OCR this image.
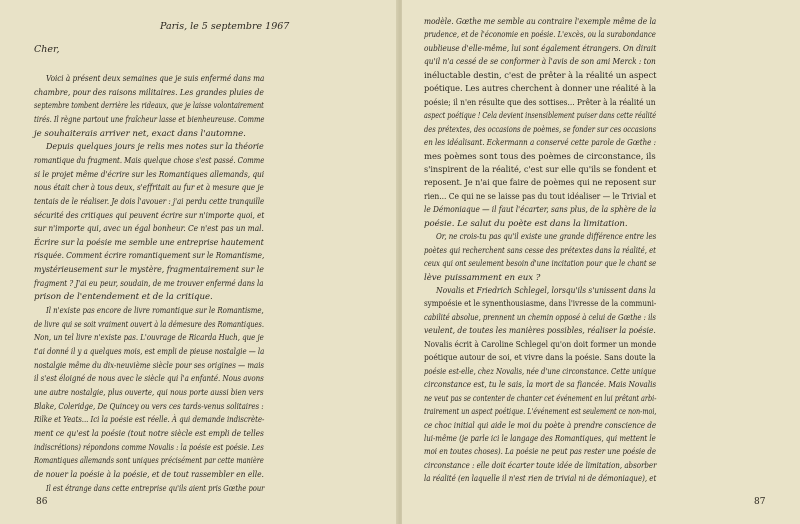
Paris, le 5 septembre 1967
Cher,
Voici à présent deux semaines que je suis enfermé dans ma
chambre, pour des raisons militaires. Les grandes pluies de
septembre tombent derrière les rideaux, que je laisse volontairement
tirés. Il règne partout une fraîcheur lasse et bienheureuse. Comme
je souhaiterais arriver net, exact dans l'automne.
Depuis quelques jours je relis mes notes sur la théorie
romantique du fragment. Mais quelque chose s'est passé. Comme
si le projet même d'écrire sur les Romantiques allemands, qui
nous était cher à tous deux, s'effritait au fur et à mesure que je
tentais de le réaliser. Je dois l'avouer : j'ai perdu cette tranquille
sécurité des critiques qui peuvent écrire sur n'importe quoi, et
sur n'importe qui, avec un égal bonheur. Ce n'est pas un mal.
Écrire sur la poésie me semble une entreprise hautement
risquée. Comment écrire romantiquement sur le Romantisme,
mystérieusement sur le mystère, fragmentairement sur le
fragment ? J'ai eu peur, soudain, de me trouver enfermé dans la
prison de l'entendement et de la critique.
Il n'existe pas encore de livre romantique sur le Romantisme,
de livre qui se soit vraiment ouvert à la démesure des Romantiques.
Non, un tel livre n'existe pas. L'ouvrage de Ricarda Huch, que je
t'ai donné il y a quelques mois, est empli de pieuse nostalgie — la
nostalgie même du dix-neuvième siècle pour ses origines — mais
il s'est éloigné de nous avec le siècle qui l'a enfanté. Nous avons
une autre nostalgie, plus ouverte, qui nous porte aussi bien vers
Blake, Coleridge, De Quincey ou vers ces tards-venus solitaires :
Rilke et Yeats... Ici la poésie est réelle. À qui demande indiscrète-
ment ce qu'est la poésie (tout notre siècle est empli de telles
indiscrétions) répondons comme Novalis : la poésie est poésie. Les
Romantiques allemands sont uniques précisément par cette manière
de nouer la poésie à la poésie, et de tout rassembler en elle.
Il est étrange dans cette entreprise qu'ils aient pris Gœthe pour
86
modèle. Gœthe me semble au contraire l'exemple même de la
prudence, et de l'économie en poésie. L'excès, ou la surabondance
oublieuse d'elle-même, lui sont également étrangers. On dirait
qu'il n'a cessé de se conformer à l'avis de son ami Merck : ton
inéluctable destin, c'est de prêter à la réalité un aspect
poétique. Les autres cherchent à donner une réalité à la
poésie; il n'en résulte que des sottises... Prêter à la réalité un
aspect poétique ! Cela devient insensiblement puiser dans cette réalité
des prétextes, des occasions de poèmes, se fonder sur ces occasions
en les idéalisant. Eckermann a conservé cette parole de Gœthe :
mes poèmes sont tous des poèmes de circonstance, ils
s'inspirent de la réalité, c'est sur elle qu'ils se fondent et
reposent. Je n'ai que faire de poèmes qui ne reposent sur
rien... Ce qui ne se laisse pas du tout idéaliser — le Trivial et
le Démoniaque — il faut l'écarter, sans plus, de la sphère de la
poésie. Le salut du poète est dans la limitation.
Or, ne crois-tu pas qu'il existe une grande différence entre les
poètes qui recherchent sans cesse des prétextes dans la réalité, et
ceux qui ont seulement besoin d'une incitation pour que le chant se
lève puissamment en eux ?
Novalis et Friedrich Schlegel, lorsqu'ils s'unissent dans la
sympoésie et le synenthousiasme, dans l'ivresse de la communi-
cabilité absolue, prennent un chemin opposé à celui de Gœthe : ils
veulent, de toutes les manières possibles, réaliser la poésie.
Novalis écrit à Caroline Schlegel qu'on doit former un monde
poétique autour de soi, et vivre dans la poésie. Sans doute la
poésie est-elle, chez Novalis, née d'une circonstance. Cette unique
circonstance est, tu le sais, la mort de sa fiancée. Mais Novalis
ne veut pas se contenter de chanter cet événement en lui prêtant arbi-
trairement un aspect poétique. L'événement est seulement ce non-moi,
ce choc initial qui aide le moi du poète à prendre conscience de
lui-même (je parle ici le langage des Romantiques, qui mettent le
moi en toutes choses). La poésie ne peut pas rester une poésie de
circonstance : elle doit écarter toute idée de limitation, absorber
la réalité (en laquelle il n'est rien de trivial ni de démoniaque), et
87
